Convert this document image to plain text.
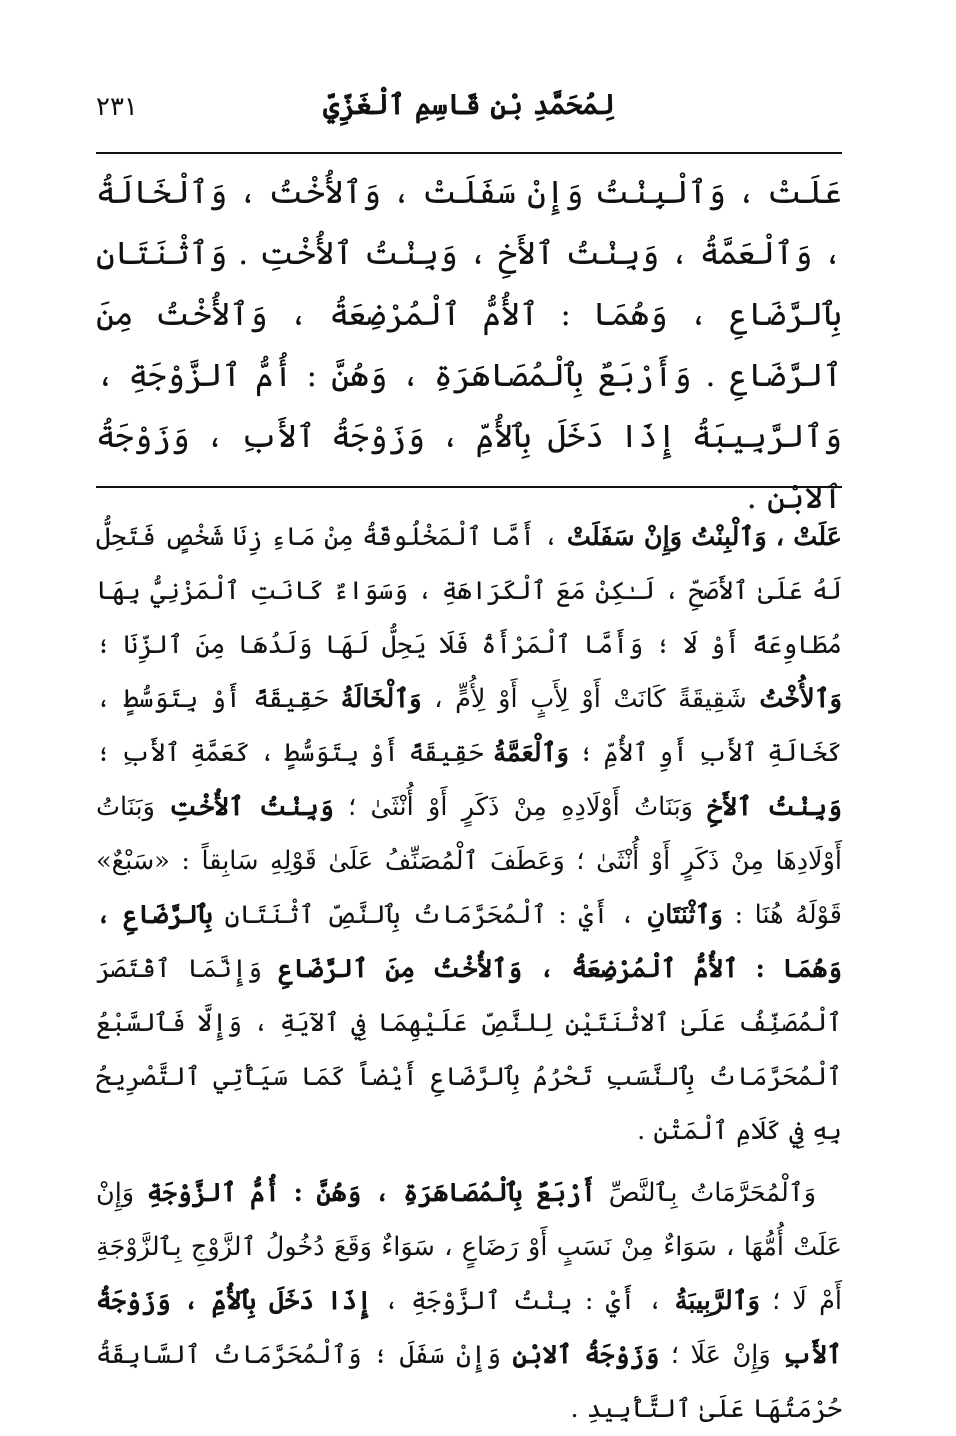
لِمُحَمَّدِ بْنِ قَاسِمِ ٱلْغَزِّيِّ
٢٣١
عَلَتْ ، وَٱلْبِنْتُ وَإِنْ سَفَلَتْ ، وَٱلأُخْتُ ، وَٱلْخَالَةُ ، وَٱلْعَمَّةُ ، وَبِنْتُ ٱلأَخِ ، وَبِنْتُ ٱلأُخْتِ . وَٱثْنَتَانِ بِٱلرَّضَاعِ ، وَهُمَا : ٱلأُمُّ ٱلْمُرْضِعَةُ ، وَٱلأُخْتُ مِنَ ٱلرَّضَاعِ . وَأَرْبَعٌ بِٱلْمُصَاهَرَةِ ، وَهُنَّ : أُمُّ ٱلزَّوْجَةِ ، وَٱلرَّبِيبَةُ إِذَا دَخَلَ بِٱلأُمِّ ، وَزَوْجَةُ ٱلأَبِ ، وَزَوْجَةُ ٱلابْنِ .

عَلَتْ ، وَٱلْبِنْتُ وَإِنْ سَفَلَتْ ، أَمَّا ٱلْمَخْلُوقَةُ مِنْ مَاءِ زِنَا شَخْصٍ فَتَحِلُّ لَهُ عَلَىٰ ٱلأَصَحِّ ، لَـٰكِنْ مَعَ ٱلْكَرَاهَةِ ، وَسَوَاءٌ كَانَتِ ٱلْمَزْنِيُّ بِهَا مُطَاوِعَةً أَوْ لَا ؛ وَأَمَّا ٱلْمَرْأَةُ فَلَا يَحِلُّ لَهَا وَلَدُهَا مِنَ ٱلزِّنَا ؛ وَٱلأُخْتُ شَقِيقَةً كَانَتْ أَوْ لِأَبٍ أَوْ لِأُمٍّ ، وَٱلْخَالَةُ حَقِيقَةً أَوْ بِتَوَسُّطٍ ، كَخَالَةِ ٱلأَبِ أَوِ ٱلأُمِّ ؛ وَٱلْعَمَّةُ حَقِيقَةً أَوْ بِتَوَسُّطٍ ، كَعَمَّةِ ٱلأَبِ ؛ وَبِنْتُ ٱلأَخِ وَبَنَاتُ أَوْلَادِهِ مِنْ ذَكَرٍ أَوْ أُنْثَىٰ ؛ وَبِنْتُ ٱلأُخْتِ وَبَنَاتُ أَوْلَادِهَا مِنْ ذَكَرٍ أَوْ أُنْثَىٰ ؛ وَعَطَفَ ٱلْمُصَنِّفُ عَلَىٰ قَوْلِهِ سَابِقاً : «سَبْعٌ» قَوْلَهُ هُنَا : وَٱثْنَتَانِ ، أَيْ : ٱلْمُحَرَّمَاتُ بِٱلنَّصِّ ٱثْنَتَانِ بِٱلرَّضَاعِ ، وَهُمَا : ٱلأُمُّ ٱلْمُرْضِعَةُ ، وَٱلأُخْتُ مِنَ ٱلرَّضَاعِ وَإِنَّمَا ٱقْتَصَرَ ٱلْمُصَنِّفُ عَلَىٰ ٱلاثْنَتَيْنِ لِلنَّصِّ عَلَيْهِمَا فِي ٱلآيَةِ ، وَإِلَّا فَٱلسَّبْعُ ٱلْمُحَرَّمَاتُ بِٱلنَّسَبِ تَحْرُمُ بِٱلرَّضَاعِ أَيْضاً كَمَا سَيَأْتِي ٱلتَّصْرِيحُ بِهِ فِي كَلَامِ ٱلْمَتْنِ .

وَٱلْمُحَرَّمَاتُ بِٱلنَّصِّ أَرْبَعٌ بِٱلْمُصَاهَرَةِ ، وَهُنَّ : أُمُّ ٱلزَّوْجَةِ وَإِنْ عَلَتْ أُمُّهَا ، سَوَاءٌ مِنْ نَسَبٍ أَوْ رَضَاعٍ ، سَوَاءٌ وَقَعَ دُخُولُ ٱلزَّوْجِ بِٱلزَّوْجَةِ أَمْ لَا ؛ وَٱلرَّبِيبَةُ ، أَيْ : بِنْتُ ٱلزَّوْجَةِ ، إِذَا دَخَلَ بِٱلأُمِّ ، وَزَوْجَةُ ٱلأَبِ وَإِنْ عَلَا ؛ وَزَوْجَةُ ٱلابْنِ وَإِنْ سَفَلَ ؛ وَٱلْمُحَرَّمَاتُ ٱلسَّابِقَةُ حُرْمَتُهَا عَلَىٰ ٱلتَّأْبِيدِ .
